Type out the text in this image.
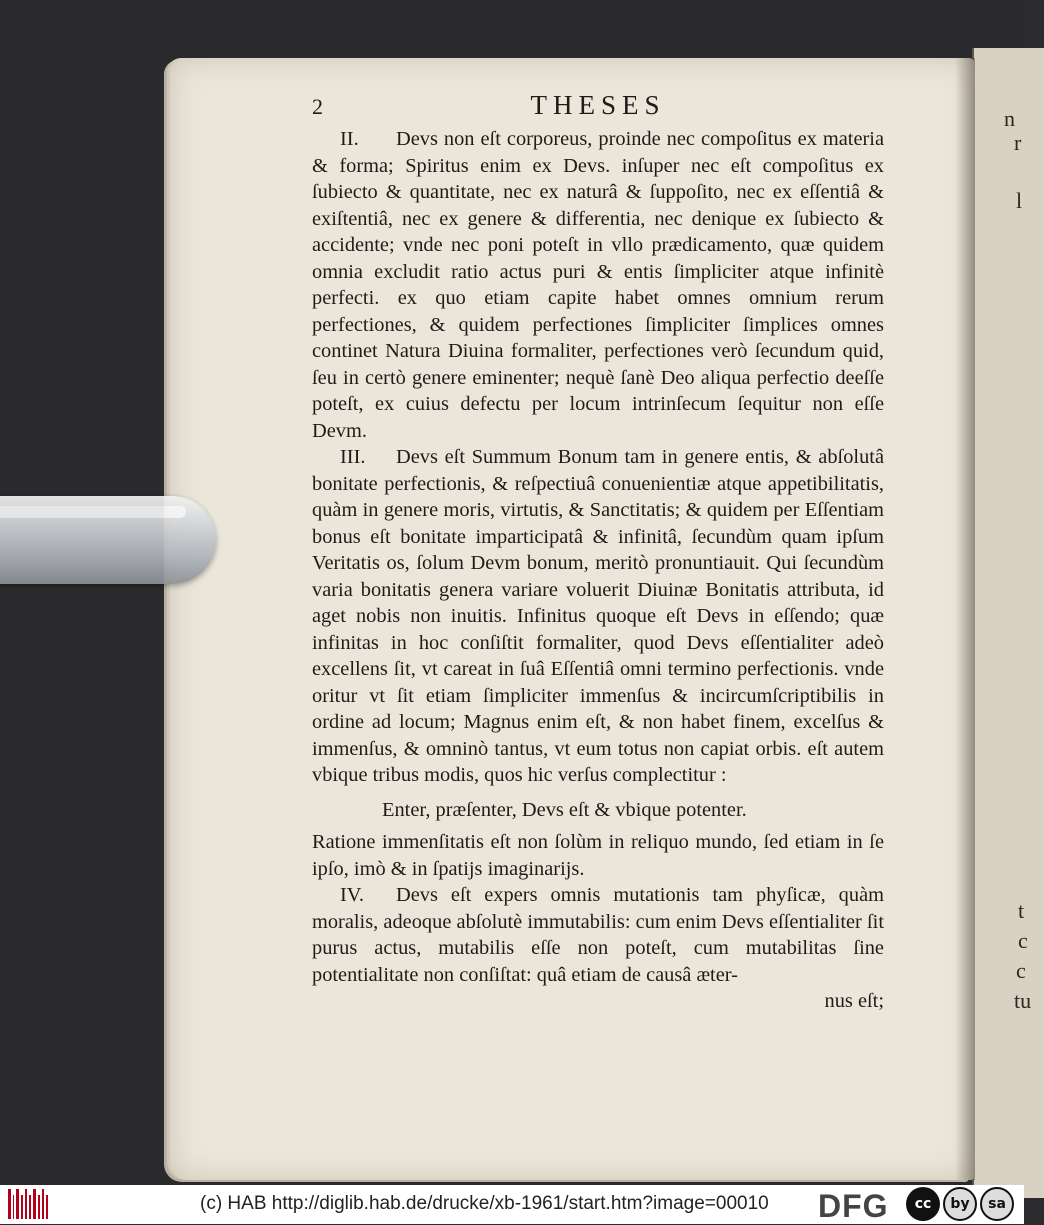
n
r
l
t
c
c
tu
2	THESES

II. Devs non eſt corporeus, proinde nec compoſitus ex materia & forma; Spiritus enim ex Devs. inſuper nec eſt compoſitus ex ſubiecto & quantitate, nec ex naturâ & ſuppoſito, nec ex eſſentiâ & exiſtentiâ, nec ex genere & differentia, nec denique ex ſubiecto & accidente; vnde nec poni poteſt in vllo prædicamento, quæ quidem omnia excludit ratio actus puri & entis ſimpliciter atque infinitè perfecti. ex quo etiam capite habet omnes omnium rerum perfectiones, & quidem perfectiones ſimpliciter ſimplices omnes continet Natura Diuina formaliter, perfectiones verò ſecundum quid, ſeu in certò genere eminenter; nequè ſanè Deo aliqua perfectio deeſſe poteſt, ex cuius defectu per locum intrinſecum ſequitur non eſſe Devm.

III. Devs eſt Summum Bonum tam in genere entis, & abſolutâ bonitate perfectionis, & reſpectiuâ conuenientiæ atque appetibilitatis, quàm in genere moris, virtutis, & Sanctitatis; & quidem per Eſſentiam bonus eſt bonitate imparticipatâ & infinitâ, ſecundùm quam ipſum Veritatis os, ſolum Devm bonum, meritò pronuntiauit. Qui ſecundùm varia bonitatis genera variare voluerit Diuinæ Bonitatis attributa, id aget nobis non inuitis. Infinitus quoque eſt Devs in eſſendo; quæ infinitas in hoc conſiſtit formaliter, quod Devs eſſentialiter adeò excellens ſit, vt careat in ſuâ Eſſentiâ omni termino perfectionis. vnde oritur vt ſit etiam ſimpliciter immenſus & incircumſcriptibilis in ordine ad locum; Magnus enim eſt, & non habet finem, excelſus & immenſus, & omninò tantus, vt eum totus non capiat orbis. eſt autem vbique tribus modis, quos hic verſus complectitur :

Enter, præſenter, Devs eſt & vbique potenter.

Ratione immenſitatis eſt non ſolùm in reliquo mundo, ſed etiam in ſe ipſo, imò & in ſpatijs imaginarijs.

IV. Devs eſt expers omnis mutationis tam phyſicæ, quàm moralis, adeoque abſolutè immutabilis: cum enim Devs eſſentialiter ſit purus actus, mutabilis eſſe non poteſt, cum mutabilitas ſine potentialitate non conſiſtat: quâ etiam de causâ æter-

nus eſt;

(c) HAB http://diglib.hab.de/drucke/xb-1961/start.htm?image=00010 DFG	cc	by	sa
